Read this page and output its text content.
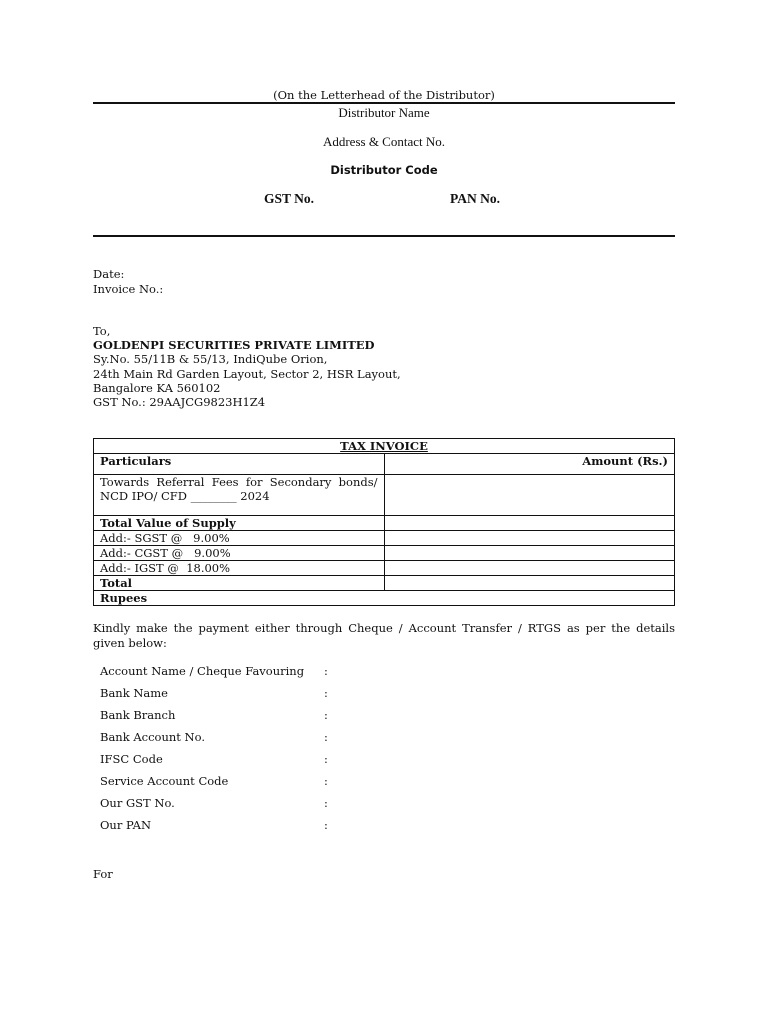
(On the Letterhead of the Distributor)
Distributor Name
Address & Contact No.
Distributor Code
GST No.	PAN No.
Date:
Invoice No.:
To,
GOLDENPI SECURITIES PRIVATE LIMITED
Sy.No. 55/11B & 55/13, IndiQube Orion,
24th Main Rd Garden Layout, Sector 2, HSR Layout,
Bangalore KA 560102
GST No.: 29AAJCG9823H1Z4
TAX INVOICE	
Particulars	Amount (Rs.)
Towards Referral Fees for Secondary bonds/ NCD IPO/ CFD ________ 2024	
Total Value of Supply	
Add:- SGST @   9.00%	
Add:- CGST @   9.00%	
Add:- IGST @  18.00%	
Total	
Rupees	
Kindly make the payment either through Cheque / Account Transfer / RTGS as per the details given below:
Account Name / Cheque Favouring	:
Bank Name	:
Bank Branch	:
Bank Account No.	:
IFSC Code	:
Service Account Code	:
Our GST No.	:
Our PAN	:
For
